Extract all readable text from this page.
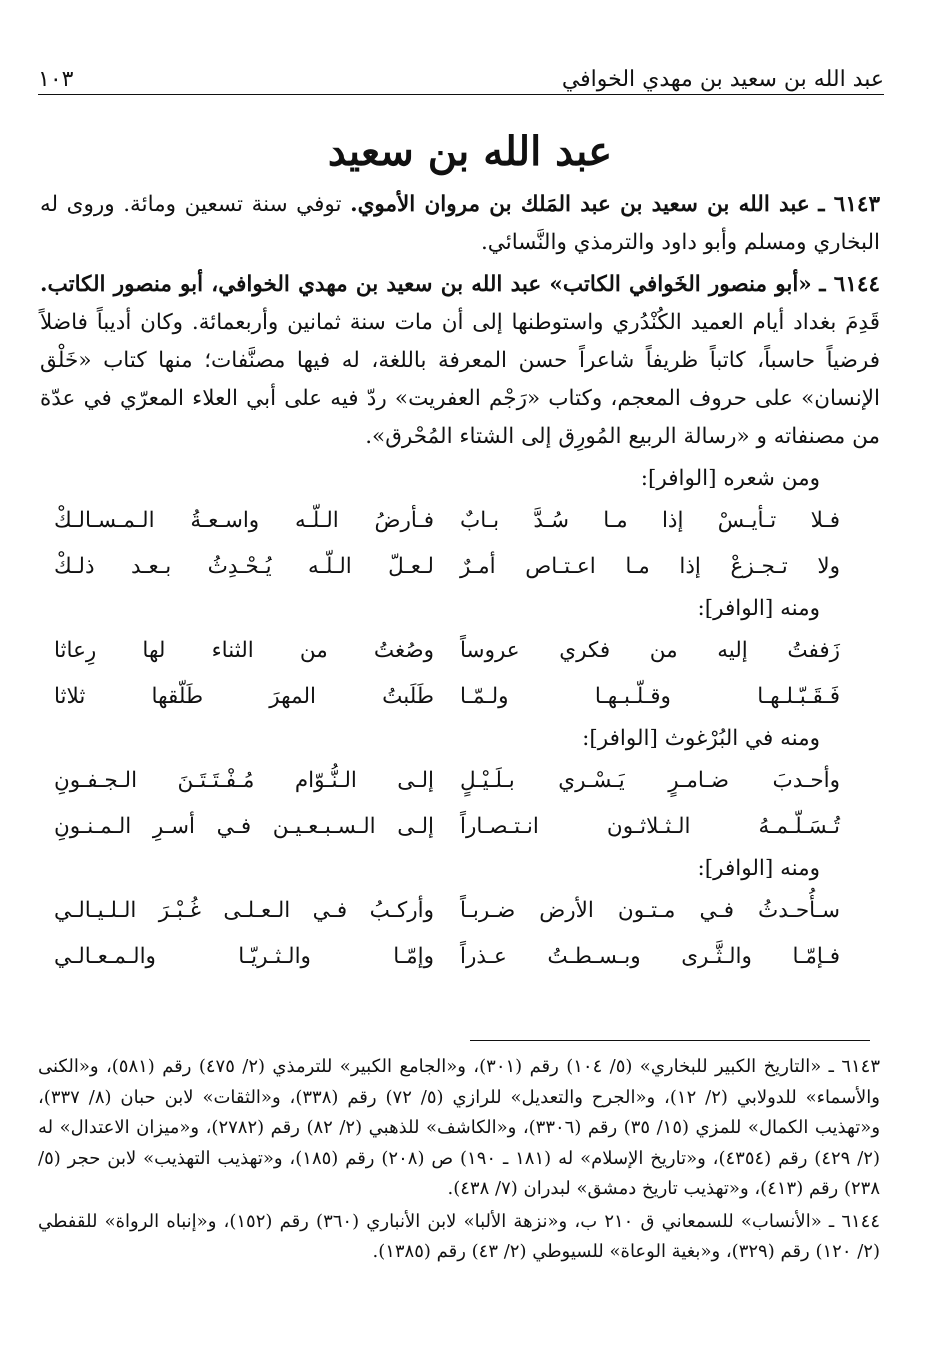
عبد الله بن سعيد بن مهدي الخوافي
١٠٣
عبد الله بن سعيد

٦١٤٣ ـ عبد الله بن سعيد بن عبد المَلك بن مروان الأموي. توفي سنة تسعين ومائة. وروى له البخاري ومسلم وأبو داود والترمذي والنَّسائي.

٦١٤٤ ـ «أبو منصور الخَوافي الكاتب» عبد الله بن سعيد بن مهدي الخوافي، أبو منصور الكاتب. قَدِمَ بغداد أيام العميد الكُنْدُري واستوطنها إلى أن مات سنة ثمانين وأربعمائة. وكان أديباً فاضلاً فرضياً حاسباً، كاتباً ظريفاً شاعراً حسن المعرفة باللغة، له فيها مصنَّفات؛ منها كتاب «خَلْق الإنسان» على حروف المعجم، وكتاب «رَجْم العفريت» ردّ فيه على أبي العلاء المعرّي في عدّة من مصنفاته و «رسالة الربيع المُورِق إلى الشتاء المُحْرق».

ومن شعره [الوافر]:

فـلا تـأيـسْ إذا مـا سُـدَّ بـابٌ
فـأرضُ الـلّـه واسـعـةُ الـمـسـالـكْ
ولا تـجـزعْ إذا مـا اعـتـاص أمـرٌ
لـعـلّ الـلّـه يُـحْـدِثُ بـعـد ذلـكْ

ومنه [الوافر]:

زَففتُ إليه من فكري عروساً
وصُغتُ من الثناء لها رِعاثا
فَـقَـبّـلـهـا وقـلّـبـهـا ولـمّـا
طَلَبتُ المهرَ طَلّقها ثلاثا

ومنه في البُرْغوث [الوافر]:

وأحـدبَ ضـامـرٍ يَـسْـري بـلَـيْـلٍ
إلـى الـنُّـوّام مُـفْـتَـتَـنَ الـجـفـونِ
تُـسَـلّـمـهُ الـثـلاثـون انـتـصـاراً
إلـى الـسـبـعـيـن فـي أسـرِ الـمـنـونِ

ومنه [الوافر]:

سـأُحـدثُ فـي مـتـون الأرض ضـربـاً
وأركـبُ فـي الـعـلـى غُـبْـرَ الـلـيـالـي
فـإمّـا والـثَّـرى وبـسـطـتُ عـذراً
وإمّـا والـثـريّـا والـمـعـالـي

٦١٤٣ ـ «التاريخ الكبير للبخاري» (٥/ ١٠٤) رقم (٣٠١)، و«الجامع الكبير» للترمذي (٢/ ٤٧٥) رقم (٥٨١)، و«الكنى والأسماء» للدولابي (٢/ ١٢)، و«الجرح والتعديل» للرازي (٥/ ٧٢) رقم (٣٣٨)، و«الثقات» لابن حبان (٨/ ٣٣٧)، و«تهذيب الكمال» للمزي (١٥/ ٣٥) رقم (٣٣٠٦)، و«الكاشف» للذهبي (٢/ ٨٢) رقم (٢٧٨٢)، و«ميزان الاعتدال» له (٢/ ٤٢٩) رقم (٤٣٥٤)، و«تاريخ الإسلام» له (١٨١ ـ ١٩٠) ص (٢٠٨) رقم (١٨٥)، و«تهذيب التهذيب» لابن حجر (٥/ ٢٣٨) رقم (٤١٣)، و«تهذيب تاريخ دمشق» لبدران (٧/ ٤٣٨).

٦١٤٤ ـ «الأنساب» للسمعاني ق ٢١٠ ب، و«نزهة الألبا» لابن الأنباري (٣٦٠) رقم (١٥٢)، و«إنباه الرواة» للقفطي (٢/ ١٢٠) رقم (٣٢٩)، و«بغية الوعاة» للسيوطي (٢/ ٤٣) رقم (١٣٨٥).
